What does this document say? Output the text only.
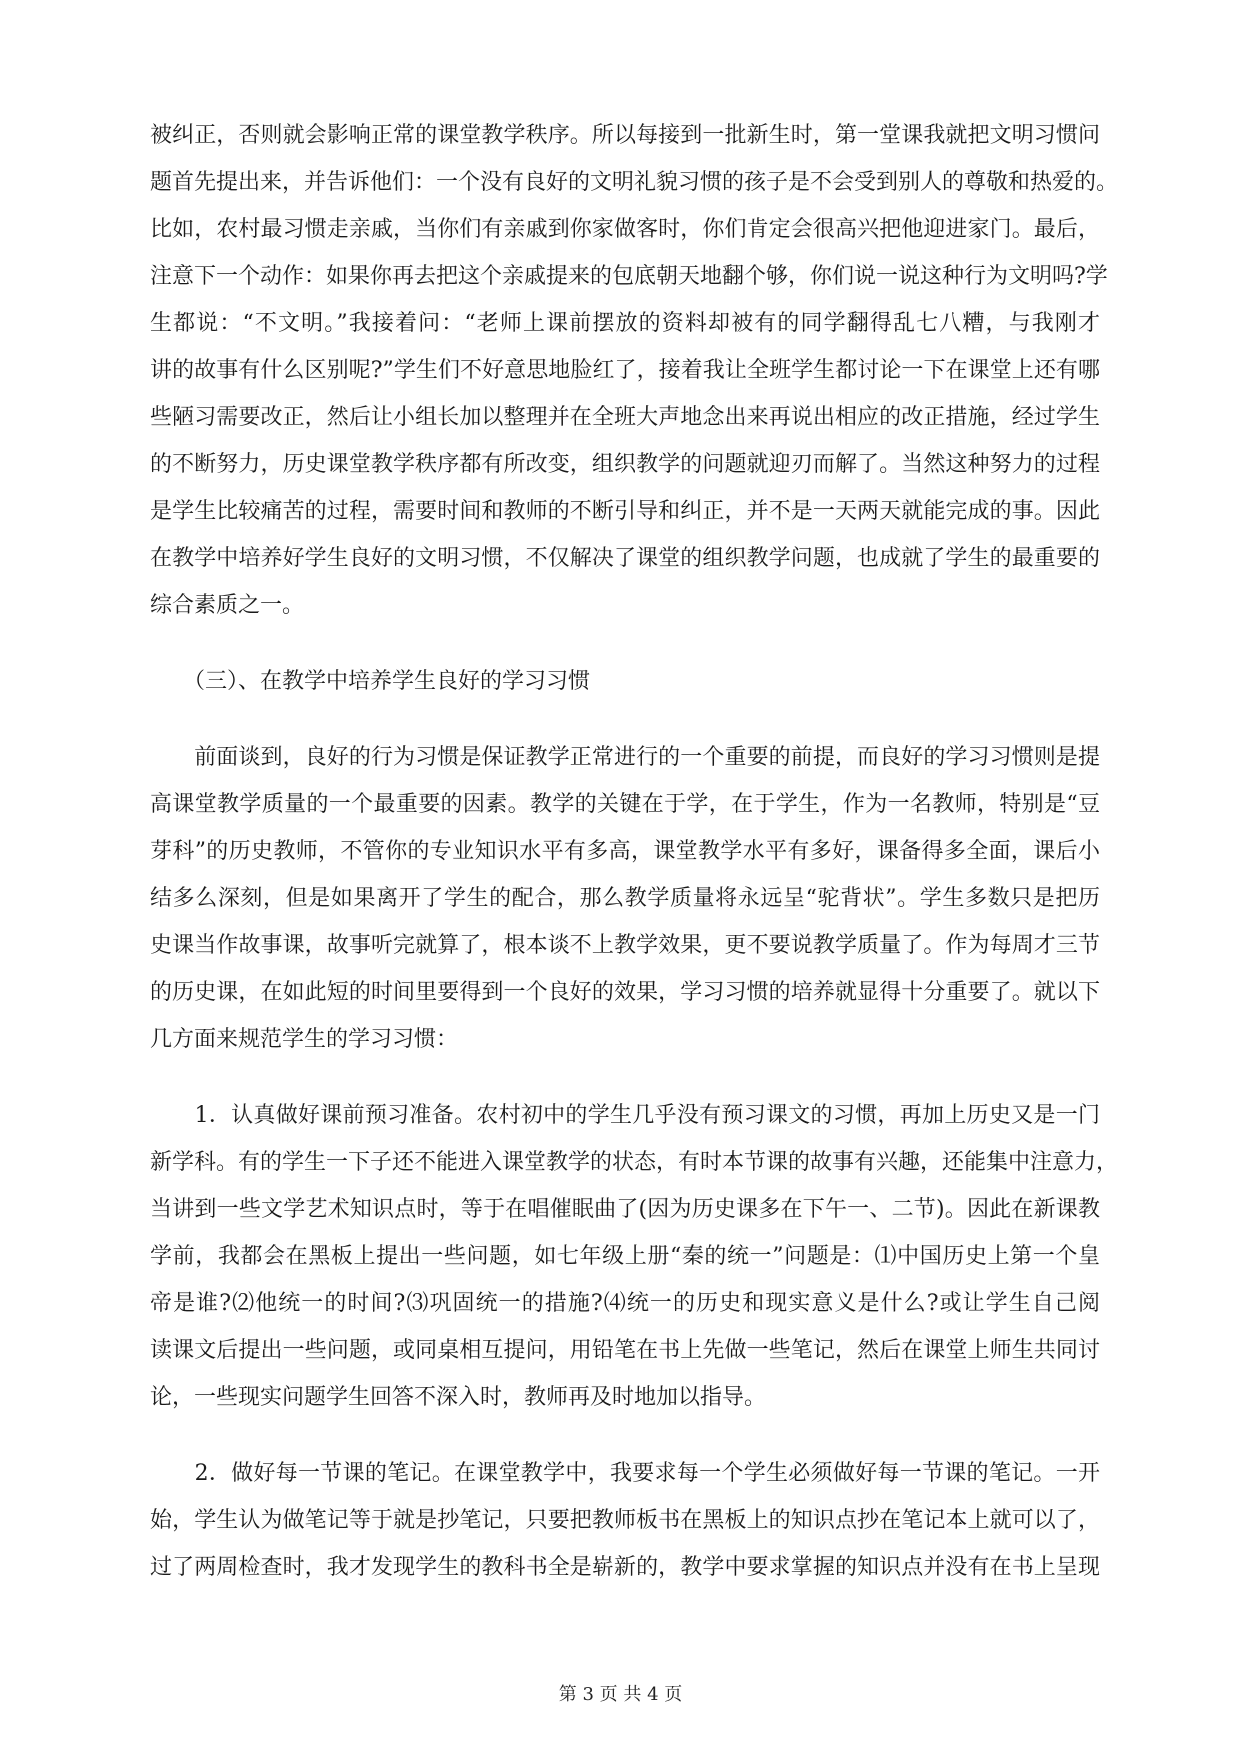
被纠正，否则就会影响正常的课堂教学秩序。所以每接到一批新生时，第一堂课我就把文明习惯问
题首先提出来，并告诉他们：一个没有良好的文明礼貌习惯的孩子是不会受到别人的尊敬和热爱的。
比如，农村最习惯走亲戚，当你们有亲戚到你家做客时，你们肯定会很高兴把他迎进家门。最后，
注意下一个动作：如果你再去把这个亲戚提来的包底朝天地翻个够，你们说一说这种行为文明吗?学
生都说：“不文明。”我接着问：“老师上课前摆放的资料却被有的同学翻得乱七八糟，与我刚才
讲的故事有什么区别呢?”学生们不好意思地脸红了，接着我让全班学生都讨论一下在课堂上还有哪
些陋习需要改正，然后让小组长加以整理并在全班大声地念出来再说出相应的改正措施，经过学生
的不断努力，历史课堂教学秩序都有所改变，组织教学的问题就迎刃而解了。当然这种努力的过程
是学生比较痛苦的过程，需要时间和教师的不断引导和纠正，并不是一天两天就能完成的事。因此
在教学中培养好学生良好的文明习惯，不仅解决了课堂的组织教学问题，也成就了学生的最重要的
综合素质之一。
　　（三）、在教学中培养学生良好的学习习惯
　　前面谈到，良好的行为习惯是保证教学正常进行的一个重要的前提，而良好的学习习惯则是提
高课堂教学质量的一个最重要的因素。教学的关键在于学，在于学生，作为一名教师，特别是“豆
芽科”的历史教师，不管你的专业知识水平有多高，课堂教学水平有多好，课备得多全面，课后小
结多么深刻，但是如果离开了学生的配合，那么教学质量将永远呈“驼背状”。学生多数只是把历
史课当作故事课，故事听完就算了，根本谈不上教学效果，更不要说教学质量了。作为每周才三节
的历史课，在如此短的时间里要得到一个良好的效果，学习习惯的培养就显得十分重要了。就以下
几方面来规范学生的学习习惯：
　　1．认真做好课前预习准备。农村初中的学生几乎没有预习课文的习惯，再加上历史又是一门
新学科。有的学生一下子还不能进入课堂教学的状态，有时本节课的故事有兴趣，还能集中注意力，
当讲到一些文学艺术知识点时，等于在唱催眠曲了(因为历史课多在下午一、二节)。因此在新课教
学前，我都会在黑板上提出一些问题，如七年级上册“秦的统一”问题是：⑴中国历史上第一个皇
帝是谁?⑵他统一的时间?⑶巩固统一的措施?⑷统一的历史和现实意义是什么?或让学生自己阅
读课文后提出一些问题，或同桌相互提问，用铅笔在书上先做一些笔记，然后在课堂上师生共同讨
论，一些现实问题学生回答不深入时，教师再及时地加以指导。
　　2．做好每一节课的笔记。在课堂教学中，我要求每一个学生必须做好每一节课的笔记。一开
始，学生认为做笔记等于就是抄笔记，只要把教师板书在黑板上的知识点抄在笔记本上就可以了，
过了两周检查时，我才发现学生的教科书全是崭新的，教学中要求掌握的知识点并没有在书上呈现
第 3 页 共 4 页
